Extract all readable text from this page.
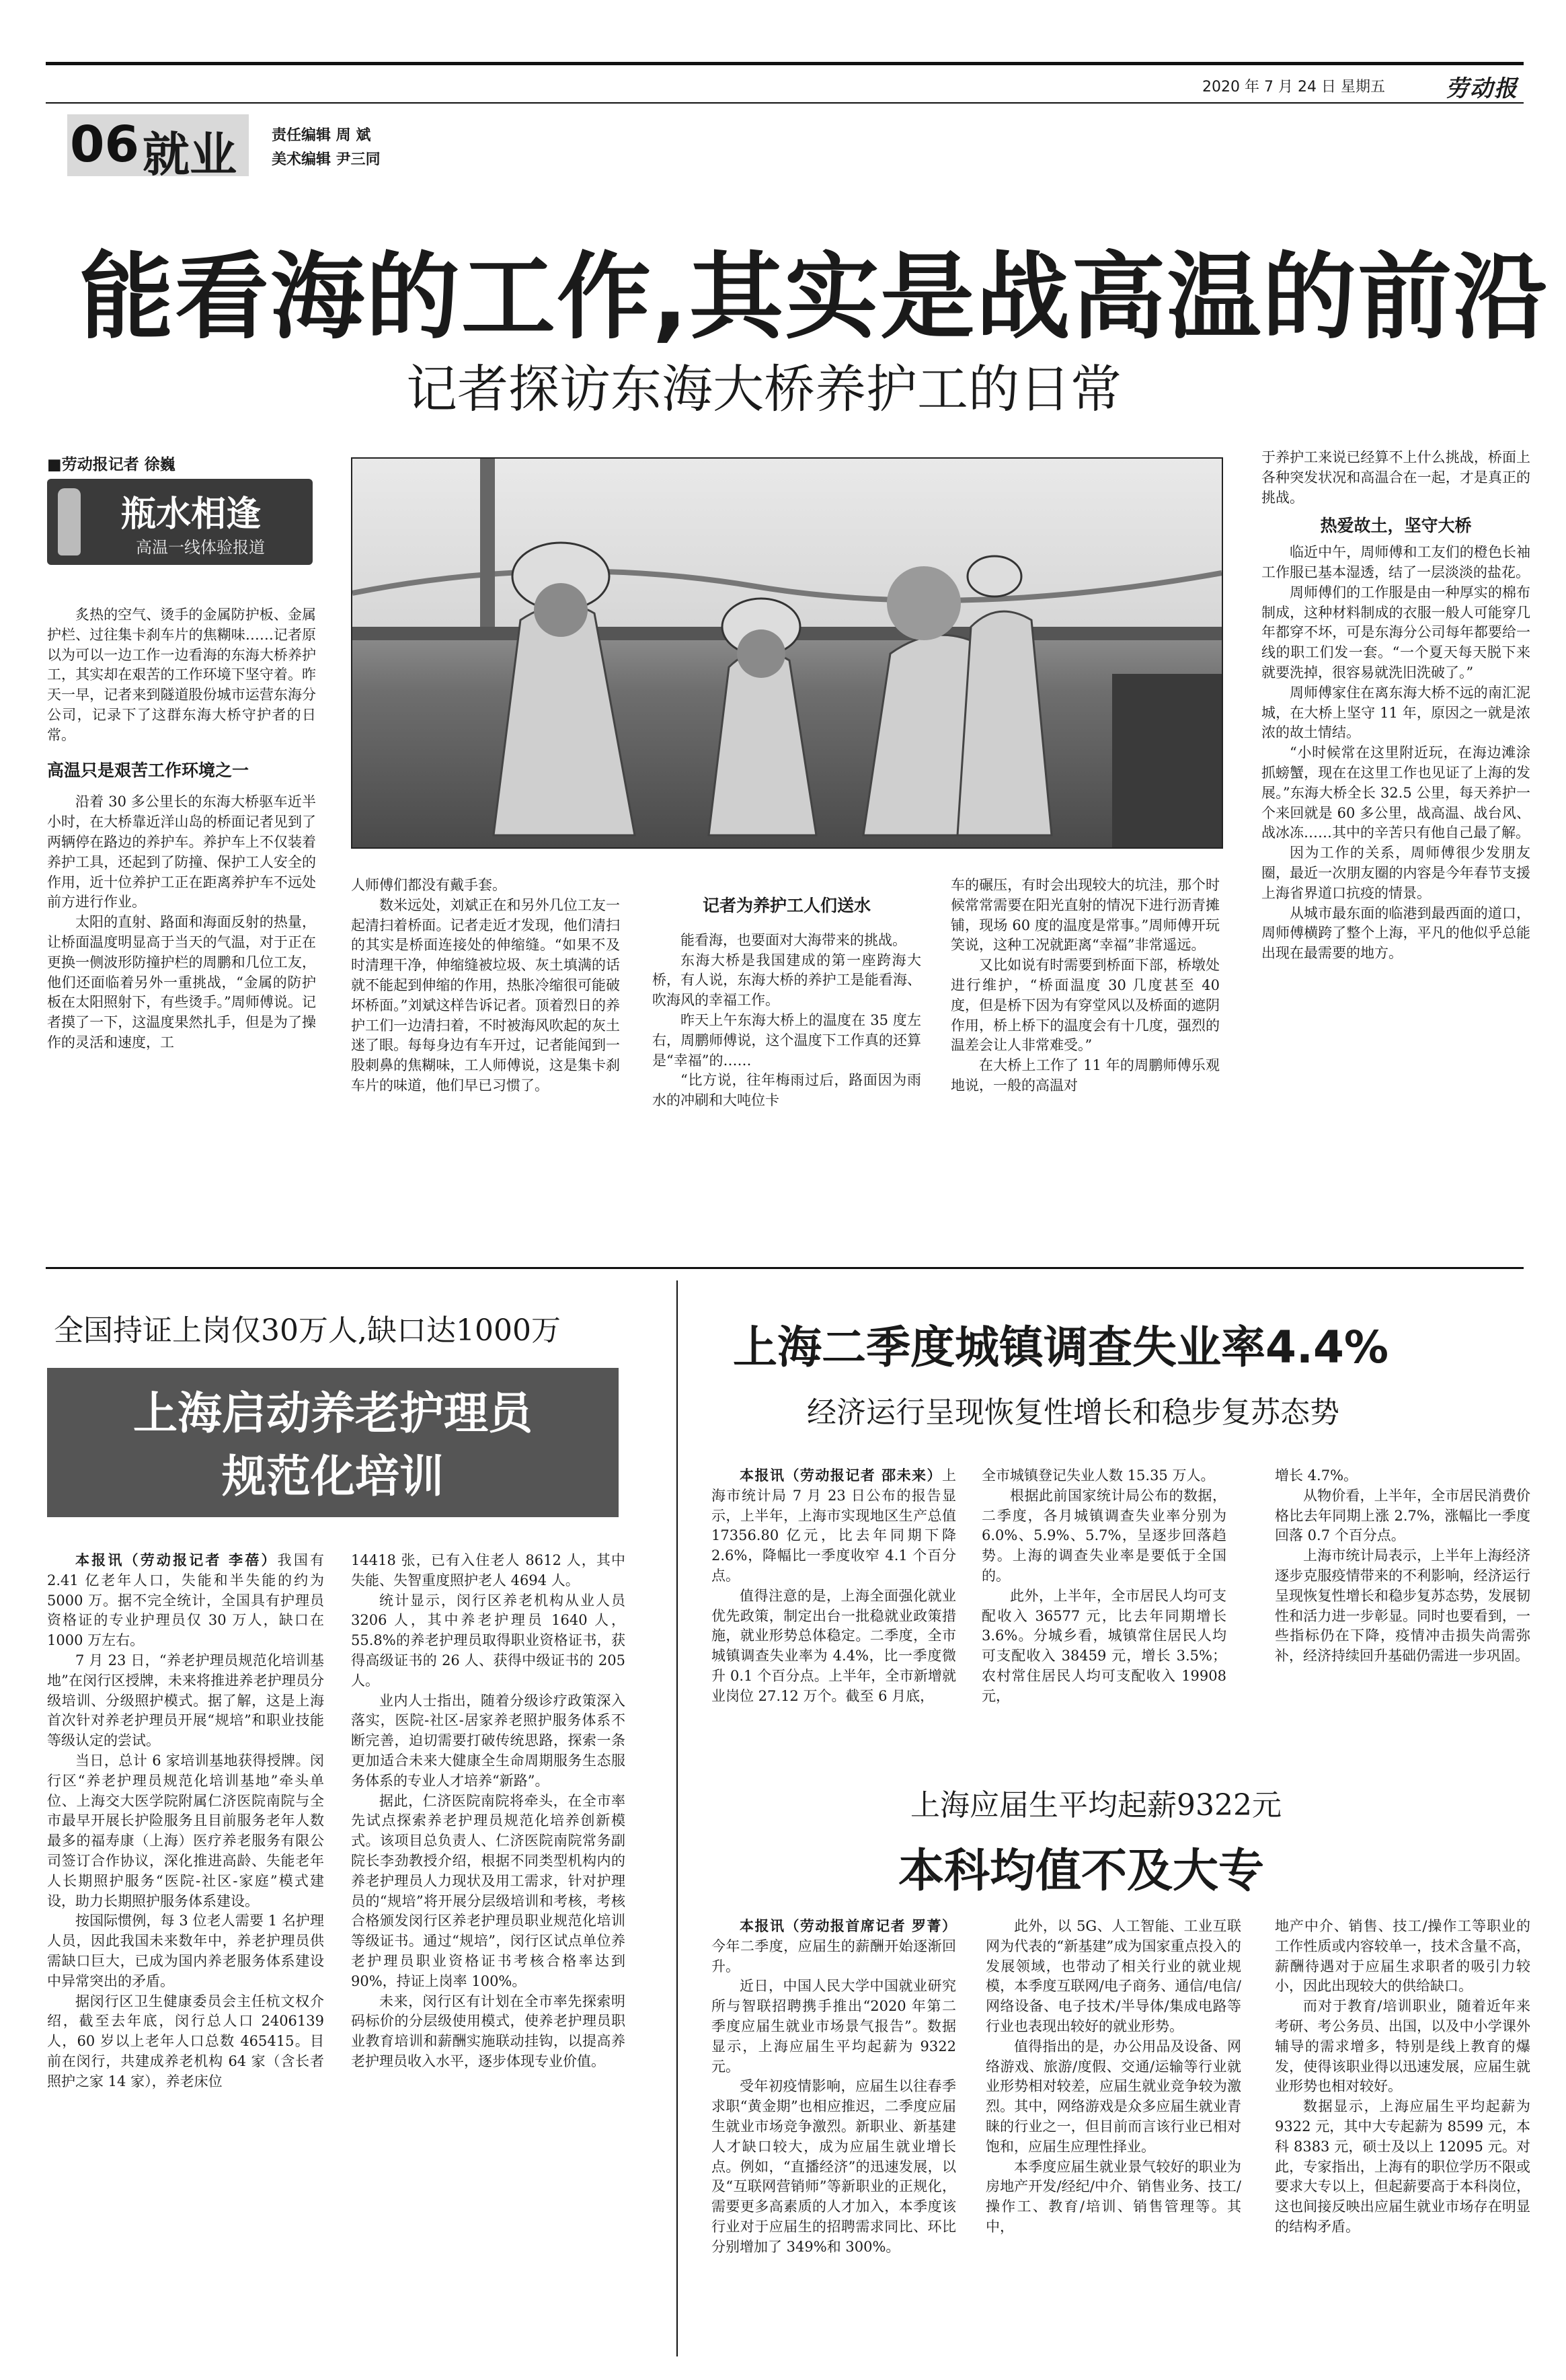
2020 年 7 月 24 日 星期五	劳动报
06 就业 责任编辑 周 斌
美术编辑 尹三同
能看海的工作,其实是战高温的前沿
记者探访东海大桥养护工的日常
■劳动报记者 徐巍
瓶水相逢
高温一线体验报道

炙热的空气、烫手的金属防护板、金属护栏、过往集卡刹车片的焦糊味……记者原以为可以一边工作一边看海的东海大桥养护工，其实却在艰苦的工作环境下坚守着。昨天一早，记者来到隧道股份城市运营东海分公司，记录下了这群东海大桥守护者的日常。

高温只是艰苦工作环境之一

沿着 30 多公里长的东海大桥驱车近半小时，在大桥靠近洋山岛的桥面记者见到了两辆停在路边的养护车。养护车上不仅装着养护工具，还起到了防撞、保护工人安全的作用，近十位养护工正在距离养护车不远处前方进行作业。

太阳的直射、路面和海面反射的热量，让桥面温度明显高于当天的气温，对于正在更换一侧波形防撞护栏的周鹏和几位工友，他们还面临着另外一重挑战，“金属的防护板在太阳照射下，有些烫手。”周师傅说。记者摸了一下，这温度果然扎手，但是为了操作的灵活和速度，工

人师傅们都没有戴手套。

数米远处，刘斌正在和另外几位工友一起清扫着桥面。记者走近才发现，他们清扫的其实是桥面连接处的伸缩缝。“如果不及时清理干净，伸缩缝被垃圾、灰土填满的话就不能起到伸缩的作用，热胀冷缩很可能破坏桥面。”刘斌这样告诉记者。顶着烈日的养护工们一边清扫着，不时被海风吹起的灰土迷了眼。每每身边有车开过，记者能闻到一股刺鼻的焦糊味，工人师傅说，这是集卡刹车片的味道，他们早已习惯了。

记者为养护工人们送水

能看海，也要面对大海带来的挑战。

东海大桥是我国建成的第一座跨海大桥，有人说，东海大桥的养护工是能看海、吹海风的幸福工作。

昨天上午东海大桥上的温度在 35 度左右，周鹏师傅说，这个温度下工作真的还算是“幸福”的……

“比方说，往年梅雨过后，路面因为雨水的冲刷和大吨位卡

车的碾压，有时会出现较大的坑洼，那个时候常常需要在阳光直射的情况下进行沥青摊铺，现场 60 度的温度是常事。”周师傅开玩笑说，这种工况就距离“幸福”非常遥远。

又比如说有时需要到桥面下部，桥墩处进行维护，“桥面温度 30 几度甚至 40 度，但是桥下因为有穿堂风以及桥面的遮阴作用，桥上桥下的温度会有十几度，强烈的温差会让人非常难受。”

在大桥上工作了 11 年的周鹏师傅乐观地说，一般的高温对

于养护工来说已经算不上什么挑战，桥面上各种突发状况和高温合在一起，才是真正的挑战。

热爱故土，坚守大桥

临近中午，周师傅和工友们的橙色长袖工作服已基本湿透，结了一层淡淡的盐花。

周师傅们的工作服是由一种厚实的棉布制成，这种材料制成的衣服一般人可能穿几年都穿不坏，可是东海分公司每年都要给一线的职工们发一套。“一个夏天每天脱下来就要洗掉，很容易就洗旧洗破了。”

周师傅家住在离东海大桥不远的南汇泥城，在大桥上坚守 11 年，原因之一就是浓浓的故土情结。

“小时候常在这里附近玩，在海边滩涂抓螃蟹，现在在这里工作也见证了上海的发展。”东海大桥全长 32.5 公里，每天养护一个来回就是 60 多公里，战高温、战台风、战冰冻……其中的辛苦只有他自己最了解。

因为工作的关系，周师傅很少发朋友圈，最近一次朋友圈的内容是今年春节支援上海省界道口抗疫的情景。

从城市最东面的临港到最西面的道口，周师傅横跨了整个上海，平凡的他似乎总能出现在最需要的地方。

全国持证上岗仅30万人,缺口达1000万
上海启动养老护理员
规范化培训

本报讯（劳动报记者 李蓓）我国有 2.41 亿老年人口，失能和半失能的约为 5000 万。据不完全统计，全国具有护理员资格证的专业护理员仅 30 万人，缺口在 1000 万左右。

7 月 23 日，“养老护理员规范化培训基地”在闵行区授牌，未来将推进养老护理员分级培训、分级照护模式。据了解，这是上海首次针对养老护理员开展“规培”和职业技能等级认定的尝试。

当日，总计 6 家培训基地获得授牌。闵行区“养老护理员规范化培训基地”牵头单位、上海交大医学院附属仁济医院南院与全市最早开展长护险服务且目前服务老年人数最多的福寿康（上海）医疗养老服务有限公司签订合作协议，深化推进高龄、失能老年人长期照护服务“医院-社区-家庭”模式建设，助力长期照护服务体系建设。

按国际惯例，每 3 位老人需要 1 名护理人员，因此我国未来数年中，养老护理员供需缺口巨大，已成为国内养老服务体系建设中异常突出的矛盾。

据闵行区卫生健康委员会主任杭文权介绍，截至去年底，闵行总人口 2406139 人，60 岁以上老年人口总数 465415。目前在闵行，共建成养老机构 64 家（含长者照护之家 14 家），养老床位

14418 张，已有入住老人 8612 人，其中失能、失智重度照护老人 4694 人。

统计显示，闵行区养老机构从业人员 3206 人，其中养老护理员 1640 人，55.8%的养老护理员取得职业资格证书，获得高级证书的 26 人、获得中级证书的 205 人。

业内人士指出，随着分级诊疗政策深入落实，医院-社区-居家养老照护服务体系不断完善，迫切需要打破传统思路，探索一条更加适合未来大健康全生命周期服务生态服务体系的专业人才培养“新路”。

据此，仁济医院南院将牵头，在全市率先试点探索养老护理员规范化培养创新模式。该项目总负责人、仁济医院南院常务副院长李劲教授介绍，根据不同类型机构内的养老护理员人力现状及用工需求，针对护理员的“规培”将开展分层级培训和考核，考核合格颁发闵行区养老护理员职业规范化培训等级证书。通过“规培”，闵行区试点单位养老护理员职业资格证书考核合格率达到 90%，持证上岗率 100%。

未来，闵行区有计划在全市率先探索明码标价的分层级使用模式，使养老护理员职业教育培训和薪酬实施联动挂钩，以提高养老护理员收入水平，逐步体现专业价值。

上海二季度城镇调查失业率4.4%
经济运行呈现恢复性增长和稳步复苏态势

本报讯（劳动报记者 邵未来）上海市统计局 7 月 23 日公布的报告显示，上半年，上海市实现地区生产总值 17356.80 亿元，比去年同期下降 2.6%，降幅比一季度收窄 4.1 个百分点。

值得注意的是，上海全面强化就业优先政策，制定出台一批稳就业政策措施，就业形势总体稳定。二季度，全市城镇调查失业率为 4.4%，比一季度微升 0.1 个百分点。上半年，全市新增就业岗位 27.12 万个。截至 6 月底，

全市城镇登记失业人数 15.35 万人。

根据此前国家统计局公布的数据，二季度，各月城镇调查失业率分别为 6.0%、5.9%、5.7%，呈逐步回落趋势。上海的调查失业率是要低于全国的。

此外，上半年，全市居民人均可支配收入 36577 元，比去年同期增长 3.6%。分城乡看，城镇常住居民人均可支配收入 38459 元，增长 3.5%；农村常住居民人均可支配收入 19908 元，

增长 4.7%。

从物价看，上半年，全市居民消费价格比去年同期上涨 2.7%，涨幅比一季度回落 0.7 个百分点。

上海市统计局表示，上半年上海经济逐步克服疫情带来的不利影响，经济运行呈现恢复性增长和稳步复苏态势，发展韧性和活力进一步彰显。同时也要看到，一些指标仍在下降，疫情冲击损失尚需弥补，经济持续回升基础仍需进一步巩固。

上海应届生平均起薪9322元
本科均值不及大专

本报讯（劳动报首席记者 罗菁）今年二季度，应届生的薪酬开始逐渐回升。

近日，中国人民大学中国就业研究所与智联招聘携手推出“2020 年第二季度应届生就业市场景气报告”。数据显示，上海应届生平均起薪为 9322 元。

受年初疫情影响，应届生以往春季求职“黄金期”也相应推迟，二季度应届生就业市场竞争激烈。新职业、新基建人才缺口较大，成为应届生就业增长点。例如，“直播经济”的迅速发展，以及“互联网营销师”等新职业的正规化，需要更多高素质的人才加入，本季度该行业对于应届生的招聘需求同比、环比分别增加了 349%和 300%。

此外，以 5G、人工智能、工业互联网为代表的“新基建”成为国家重点投入的发展领域，也带动了相关行业的就业规模，本季度互联网/电子商务、通信/电信/网络设备、电子技术/半导体/集成电路等行业也表现出较好的就业形势。

值得指出的是，办公用品及设备、网络游戏、旅游/度假、交通/运输等行业就业形势相对较差，应届生就业竞争较为激烈。其中，网络游戏是众多应届生就业青睐的行业之一，但目前而言该行业已相对饱和，应届生应理性择业。

本季度应届生就业景气较好的职业为房地产开发/经纪/中介、销售业务、技工/操作工、教育/培训、销售管理等。其中，

地产中介、销售、技工/操作工等职业的工作性质或内容较单一，技术含量不高，薪酬待遇对于应届生求职者的吸引力较小，因此出现较大的供给缺口。

而对于教育/培训职业，随着近年来考研、考公务员、出国，以及中小学课外辅导的需求增多，特别是线上教育的爆发，使得该职业得以迅速发展，应届生就业形势也相对较好。

数据显示，上海应届生平均起薪为 9322 元，其中大专起薪为 8599 元，本科 8383 元，硕士及以上 12095 元。对此，专家指出，上海有的职位学历不限或要求大专以上，但起薪要高于本科岗位，这也间接反映出应届生就业市场存在明显的结构矛盾。
